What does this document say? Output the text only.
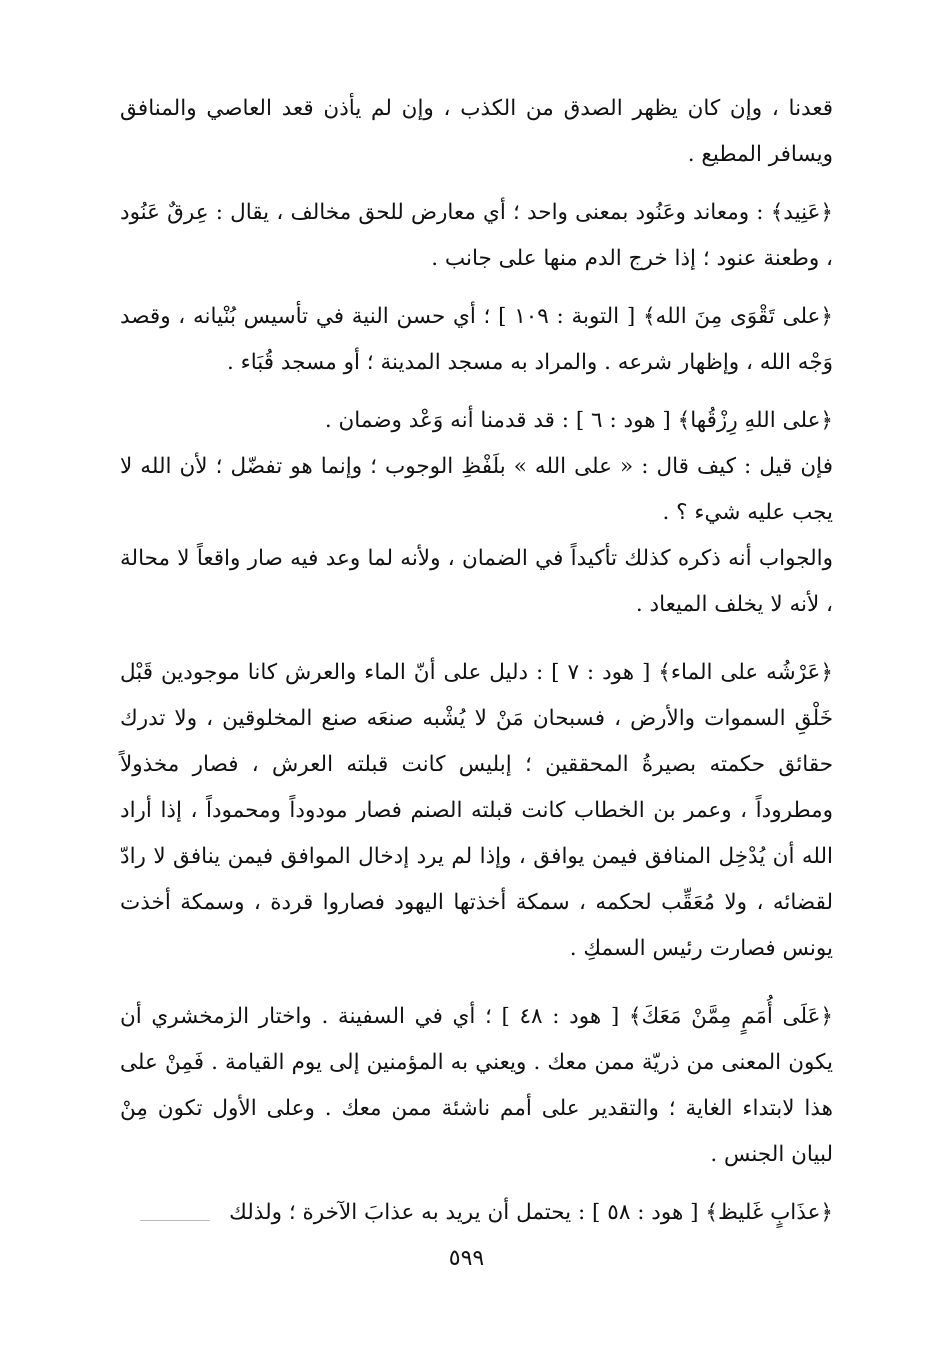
قعدنا ، وإن كان يظهر الصدق من الكذب ، وإن لم يأذن قعد العاصي والمنافق ويسافر المطيع .

﴿عَنِيد﴾ : ومعاند وعَنُود بمعنى واحد ؛ أي معارض للحق مخالف ، يقال : عِرقٌ عَنُود ، وطعنة عنود ؛ إذا خرج الدم منها على جانب .

﴿على تَقْوَى مِنَ الله﴾ [ التوبة : ١٠٩ ] ؛ أي حسن النية في تأسيس بُنْيانه ، وقصد وَجْه الله ، وإظهار شرعه . والمراد به مسجد المدينة ؛ أو مسجد قُبَاء .

﴿على اللهِ رِزْقُها﴾ [ هود : ٦ ] : قد قدمنا أنه وَعْد وضمان .

فإن قيل : كيف قال : « على الله » بلَفْظِ الوجوب ؛ وإنما هو تفضّل ؛ لأن الله لا يجب عليه شيء ؟ .

والجواب أنه ذكره كذلك تأكيداً في الضمان ، ولأنه لما وعد فيه صار واقعاً لا محالة ، لأنه لا يخلف الميعاد .

﴿عَرْشُه على الماء﴾ [ هود : ٧ ] : دليل على أنّ الماء والعرش كانا موجودين قَبْل خَلْقِ السموات والأرض ، فسبحان مَنْ لا يُشْبه صنعَه صنع المخلوقين ، ولا تدرك حقائق حكمته بصيرةُ المحققين ؛ إبليس كانت قبلته العرش ، فصار مخذولاً ومطروداً ، وعمر بن الخطاب كانت قبلته الصنم فصار مودوداً ومحموداً ، إذا أراد الله أن يُدْخِل المنافق فيمن يوافق ، وإذا لم يرد إدخال الموافق فيمن ينافق لا رادّ لقضائه ، ولا مُعَقِّب لحكمه ، سمكة أخذتها اليهود فصاروا قردة ، وسمكة أخذت يونس فصارت رئيس السمكِ .

﴿عَلَى أُمَمٍ مِمَّنْ مَعَكَ﴾ [ هود : ٤٨ ] ؛ أي في السفينة . واختار الزمخشري أن يكون المعنى من ذريّة ممن معك . ويعني به المؤمنين إلى يوم القيامة . فَمِنْ على هذا لابتداء الغاية ؛ والتقدير على أمم ناشئة ممن معك . وعلى الأول تكون مِنْ لبيان الجنس .

﴿عذَابٍ غَليظ﴾ [ هود : ٥٨ ] : يحتمل أن يريد به عذابَ الآخرة ؛ ولذلك

٥٩٩
